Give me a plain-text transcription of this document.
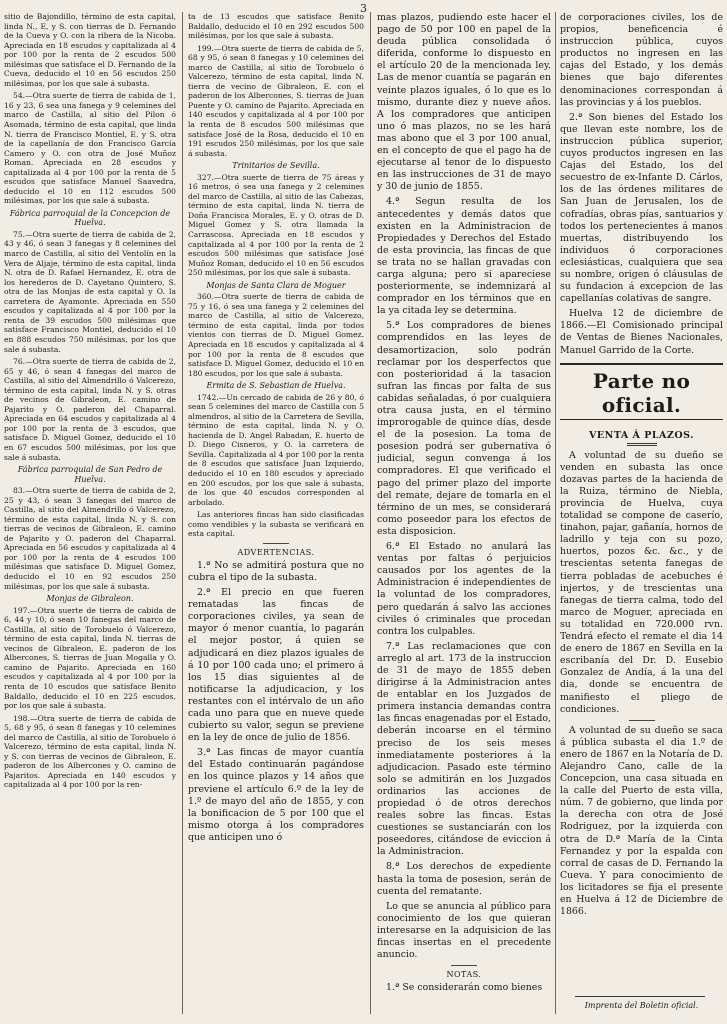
3

sitio de Bajondillo, término de esta capital, linda N., E, y S. con tierras de D. Fernando de la Cueva y O. con la ribera de la Nicoba. Apreciada en 18 escudos y capitalizada al 4 por 100 por la renta de 2 escudos 500 milésimas que satisface el D. Fernando de la Cueva, deducido el 10 en 56 escudos 250 milésimas, por los que sale á subasta.

54.—Otra suerte de tierra de cabida de 1, 16 y 23, 6 sea una fanega y 9 celemines del marco de Castilla, al sitio del Pilon ó Asomada, término de esta capital, que linda N. tierra de Francisco Montiel, E. y S. otra de la capellanía de don Francisco García Camero y O. con otra de José Muñoz Roman. Apreciada en 28 escudos y capitalizada al 4 por 100 por la renta de 5 escudos que satisface Manuel Saavedra, deducido el 10 en 112 escudos 500 milésimas, por los que sale á subasta.

Fábrica parroquial de la Concepcion de Huelva.

75.—Otra suerte de tierra de cabida de 2, 43 y 46, ó sean 3 fanegas y 8 celemines del marco de Castilla, al sitio del Ventolín en la Vera de Aljaje, término de esta capital, linda N. otra de D. Rafael Hernandez, E. otra de los herederos de D. Cayetano Quintero, S. otra de las Monjas de esta capital y O. la carretera de Ayamonte. Apreciada en 550 escudos y capitalizada al 4 por 100 por la renta de 39 escudos 500 milésimas que satisface Francisco Montiel, deducido el 10 en 888 escudos 750 milésimas, por los que sale á subasta.

76.—Otra suerte de tierra de cabida de 2, 65 y 46, ó sean 4 fanegas del marco de Castilla, al sitio del Almendrillo ó Valcerezo, término de esta capital, linda N. y S. otras de vecinos de Gibraleon, E. camino de Pajarito y O. paderon del Chaparral. Apreciada en 64 escudos y capitalizada al 4 por 100 por la renta de 3 escudos, que satisface D. Miguel Gomez, deducido el 10 en 67 escudos 500 milésimas, por los que sale á subasta.

Fábrica parroquial de San Pedro de Huelva.

83.—Otra suerte de tierra de cabida de 2, 25 y 43, ó sean 3 fanegas del marco de Castilla, al sitio del Almendrillo ó Valcerezo, término de esta capital, linda N. y S. con tierras de vecinos de Gibraleon, E. camino de Pajarito y O. paderon del Chaparral. Apreciada en 56 escudos y capitalizada al 4 por 100 por la renta de 4 escudos 100 milésimas que satisface D. Miguel Gomez, deducido el 10 en 92 escudos 250 milésimas, por los que sale á subasta.

Monjas de Gibraleon.

197.—Otra suerte de tierra de cabida de 6, 44 y 10, ó sean 10 fanegas del marco de Castilla, al sitio de Torobuelo ó Valcerezo, término de esta capital, linda N. tierras de vecinos de Gibraleon, E. paderon de los Albercones, S. tierras de Juan Mogalla y O. camino de Pajarito. Apreciada en 160 escudos y capitalizada al 4 por 100 por la renta de 10 escudos que satisface Benito Baldallo, deducido el 10 en 225 escudos, por los que sale á subasta.

198.—Otra suerte de tierra de cabida de 5, 68 y 95, ó sean 8 fanegas y 10 celemines del marco de Castilla, al sitio de Torobuelo ó Valcerezo, término de esta capital, linda N. y S. con tierras de vecinos de Gibraleon, E. paderon de los Albercones y O. camino de Pajaritos. Apreciada en 140 escudos y capitalizada al 4 por 100 por la ren-

ta de 13 escudos que satisface Benito Baldallo, deducido el 10 en 292 escudos 500 milésimas, por los que sale á subasta.

199.—Otra suerte de tierra de cabida de 5, 68 y 95, ó sean 8 fanegas y 10 celemines del marco de Castilla, al sitio de Torobuelo ó Valcerezo, término de esta capital, linda N. tierra de vecino de Gibraleon, E. con el paderon de los Albercones, S. tierras de Juan Puente y O. camino de Pajarito. Apreciada en 140 escudos y capitalizada al 4 por 100 por la renta de 8 escudos 500 milésimas que satisface José de la Rosa, deducido el 10 en 191 escudos 250 milésimas, por los que sale á subasta.

Trinitarios de Sevilla.

327.—Otra suerte de tierra de 75 áreas y 16 metros, ó sea una fanega y 2 celemines del marco de Castilla, al sitio de las Cabezas, término de esta capital, linda N. tierra de Doña Francisca Morales, E. y O. otras de D. Miguel Gomez y S. otra llamada la Carrascosa. Apreciada en 18 escudos y capitalizada al 4 por 100 por la renta de 2 escudos 500 milésimas que satisface José Muñoz Roman, deducido el 10 en 56 escudos 250 milésimas, por los que sale á subasta.

Monjas de Santa Clara de Moguer

360.—Otra suerte de tierra de cabida de 75 y 16, ó sea una fanega y 2 celemines del marco de Castilla, al sitio de Valcerezo, término de esta capital, linda por todos vientos con tierras de D. Miguel Gomez. Apreciada en 18 escudos y capitalizada al 4 por 100 por la renta de 8 escudos que satisface D. Miguel Gomez, deducido el 10 en 180 escudos, por los que sale á subasta.

Ermita de S. Sebastian de Huelva.

1742.—Un cercado de cabida de 26 y 80, ó sean 5 celemines del marco de Castilla con 5 almendros, al sitio de la Carretera de Sevilla, término de esta capital, linda N. y O. hacienda de D. Angel Rabadan, E. huerto de D. Diego Cisneros, y O. la carretera de Sevilla. Capitalizada al 4 por 100 por la renta de 8 escudos que satisface Juan Izquierdo, deducido el 10 en 180 escudos y apreciado en 200 escudos, por los que sale á subasta, de los que 40 escudos corresponden al arbolado.

Las anteriores fincas han sido clasificadas como vendibles y la subasta se verificará en esta capital.

ADVERTENCIAS.

1.ª No se admitirá postura que no cubra el tipo de la subasta.

2.ª El precio en que fueren rematadas las fincas de corporaciones civiles, ya sean de mayor ó menor cuantía, lo pagarán el mejor postor, á quien se adjudicará en diez plazos iguales de á 10 por 100 cada uno; el primero á los 15 dias siguientes al de notificarse la adjudicacion, y los restantes con el intérvalo de un año cada uno para que en nueve quede cubierto su valor, segun se previene en la ley de once de julio de 1856.

3.ª Las fincas de mayor cuantía del Estado continuarán pagándose en los quince plazos y 14 años que previene el artículo 6.º de la ley de 1.º de mayo del año de 1855, y con la bonificacion de 5 por 100 que el mismo otorga á los compradores que anticipen uno ó

mas plazos, pudiendo este hacer el pago de 50 por 100 en papel de la deuda pública consolidada ó diferida, conforme lo dispuesto en el artículo 20 de la mencionada ley. Las de menor cuantía se pagarán en veinte plazos iguales, ó lo que es lo mismo, durante diez y nueve años. A los compradores que anticipen uno ó mas plazos, no se les hará mas abono que el 3 por 100 anual, en el concepto de que el pago ha de ejecutarse al tenor de lo dispuesto en las instrucciones de 31 de mayo y 30 de junio de 1855.

4.ª Segun resulta de los antecedentes y demás datos que existen en la Administracion de Propiedades y Derechos del Estado de esta provincia, las fincas de que se trata no se hallan gravadas con carga alguna; pero si apareciese posteriormente, se indemnizará al comprador en los términos que en la ya citada ley se determina.

5.ª Los compradores de bienes comprendidos en las leyes de desamortizacion, solo podrán reclamar por los desperfectos que con posterioridad á la tasacion sufran las fincas por falta de sus cabidas señaladas, ó por cualquiera otra causa justa, en el término improrogable de quince días, desde el de la posesion. La toma de posesion podrá ser gubernativa ó judicial, segun convenga á los compradores. El que verificado el pago del primer plazo del importe del remate, dejare de tomarla en el término de un mes, se considerará como poseedor para los efectos de esta disposicion.

6.ª El Estado no anulará las ventas por faltas ó perjuicios causados por los agentes de la Administracion é independientes de la voluntad de los compradores, pero quedarán á salvo las acciones civiles ó criminales que procedan contra los culpables.

7.ª Las reclamaciones que con arreglo al art. 173 de la instruccion de 31 de mayo de 1855 deben dirigirse á la Administracion antes de entablar en los Juzgados de primera instancia demandas contra las fincas enagenadas por el Estado, deberán incoarse en el término preciso de los seis meses inmediatamente posteriores á la adjudicacion. Pasado este término solo se admitirán en los Juzgados ordinarios las acciones de propiedad ó de otros derechos reales sobre las fincas. Estas cuestiones se sustanciarán con los poseedores, citándose de eviccion á la Administracion.

8.ª Los derechos de expediente hasta la toma de posesion, serán de cuenta del rematante.

Lo que se anuncia al público para conocimiento de los que quieran interesarse en la adquisicion de las fincas insertas en el precedente anuncio.

NOTAS.

1.ª Se considerarán como bienes

de corporaciones civiles, los de propios, beneficencia é instruccion pública, cuyos productos no ingresen en las cajas del Estado, y los demás bienes que bajo diferentes denominaciones correspondan á las provincias y á los pueblos.

2.ª Son bienes del Estado los que llevan este nombre, los de instruccion pública superior, cuyos productos ingresen en las Cajas del Estado, los del secuestro de ex-Infante D. Cárlos, los de las órdenes militares de San Juan de Jerusalen, los de cofradías, obras pías, santuarios y todos los pertenecientes á manos muertas, distribuyendo los individuos ó corporaciones eclesiásticas, cualquiera que sea su nombre, origen ó cláusulas de su fundacion á excepcion de las capellanías colativas de sangre.

Huelva 12 de diciembre de 1866.—El Comisionado principal de Ventas de Bienes Nacionales, Manuel Garrido de la Corte.

Parte no oficial.
VENTA Á PLAZOS.

A voluntad de su dueño se venden en subasta las once dozavas partes de la hacienda de la Ruiza, término de Niebla, provincia de Huelva, cuya totalidad se compone de caserío, tinahon, pajar, gañanía, hornos de ladrillo y teja con su pozo, huertos, pozos &c. &c., y de trescientas setenta fanegas de tierra pobladas de acebuches é injertos, y de trescientas una fanegas de tierra calma, todo del marco de Moguer, apreciada en su totalidad en 720.000 rvn. Tendrá efecto el remate el dia 14 de enero de 1867 en Sevilla en la escribanía del Dr. D. Eusebio Gonzalez de Andía, á la una del dia, donde se encuentra de manifiesto el pliego de condiciones.

A voluntad de su dueño se saca á pública subasta el dia 1.º de enero de 1867 en la Notaría de D. Alejandro Cano, calle de la Concepcion, una casa situada en la calle del Puerto de esta villa, núm. 7 de gobierno, que linda por la derecha con otra de José Rodriguez, por la izquierda con otra de D.ª María de la Cinta Fernandez y por la espalda con corral de casas de D. Fernando la Cueva. Y para conocimiento de los licitadores se fija el presente en Huelva á 12 de Diciembre de 1866.

Imprenta del Boletin oficial.
